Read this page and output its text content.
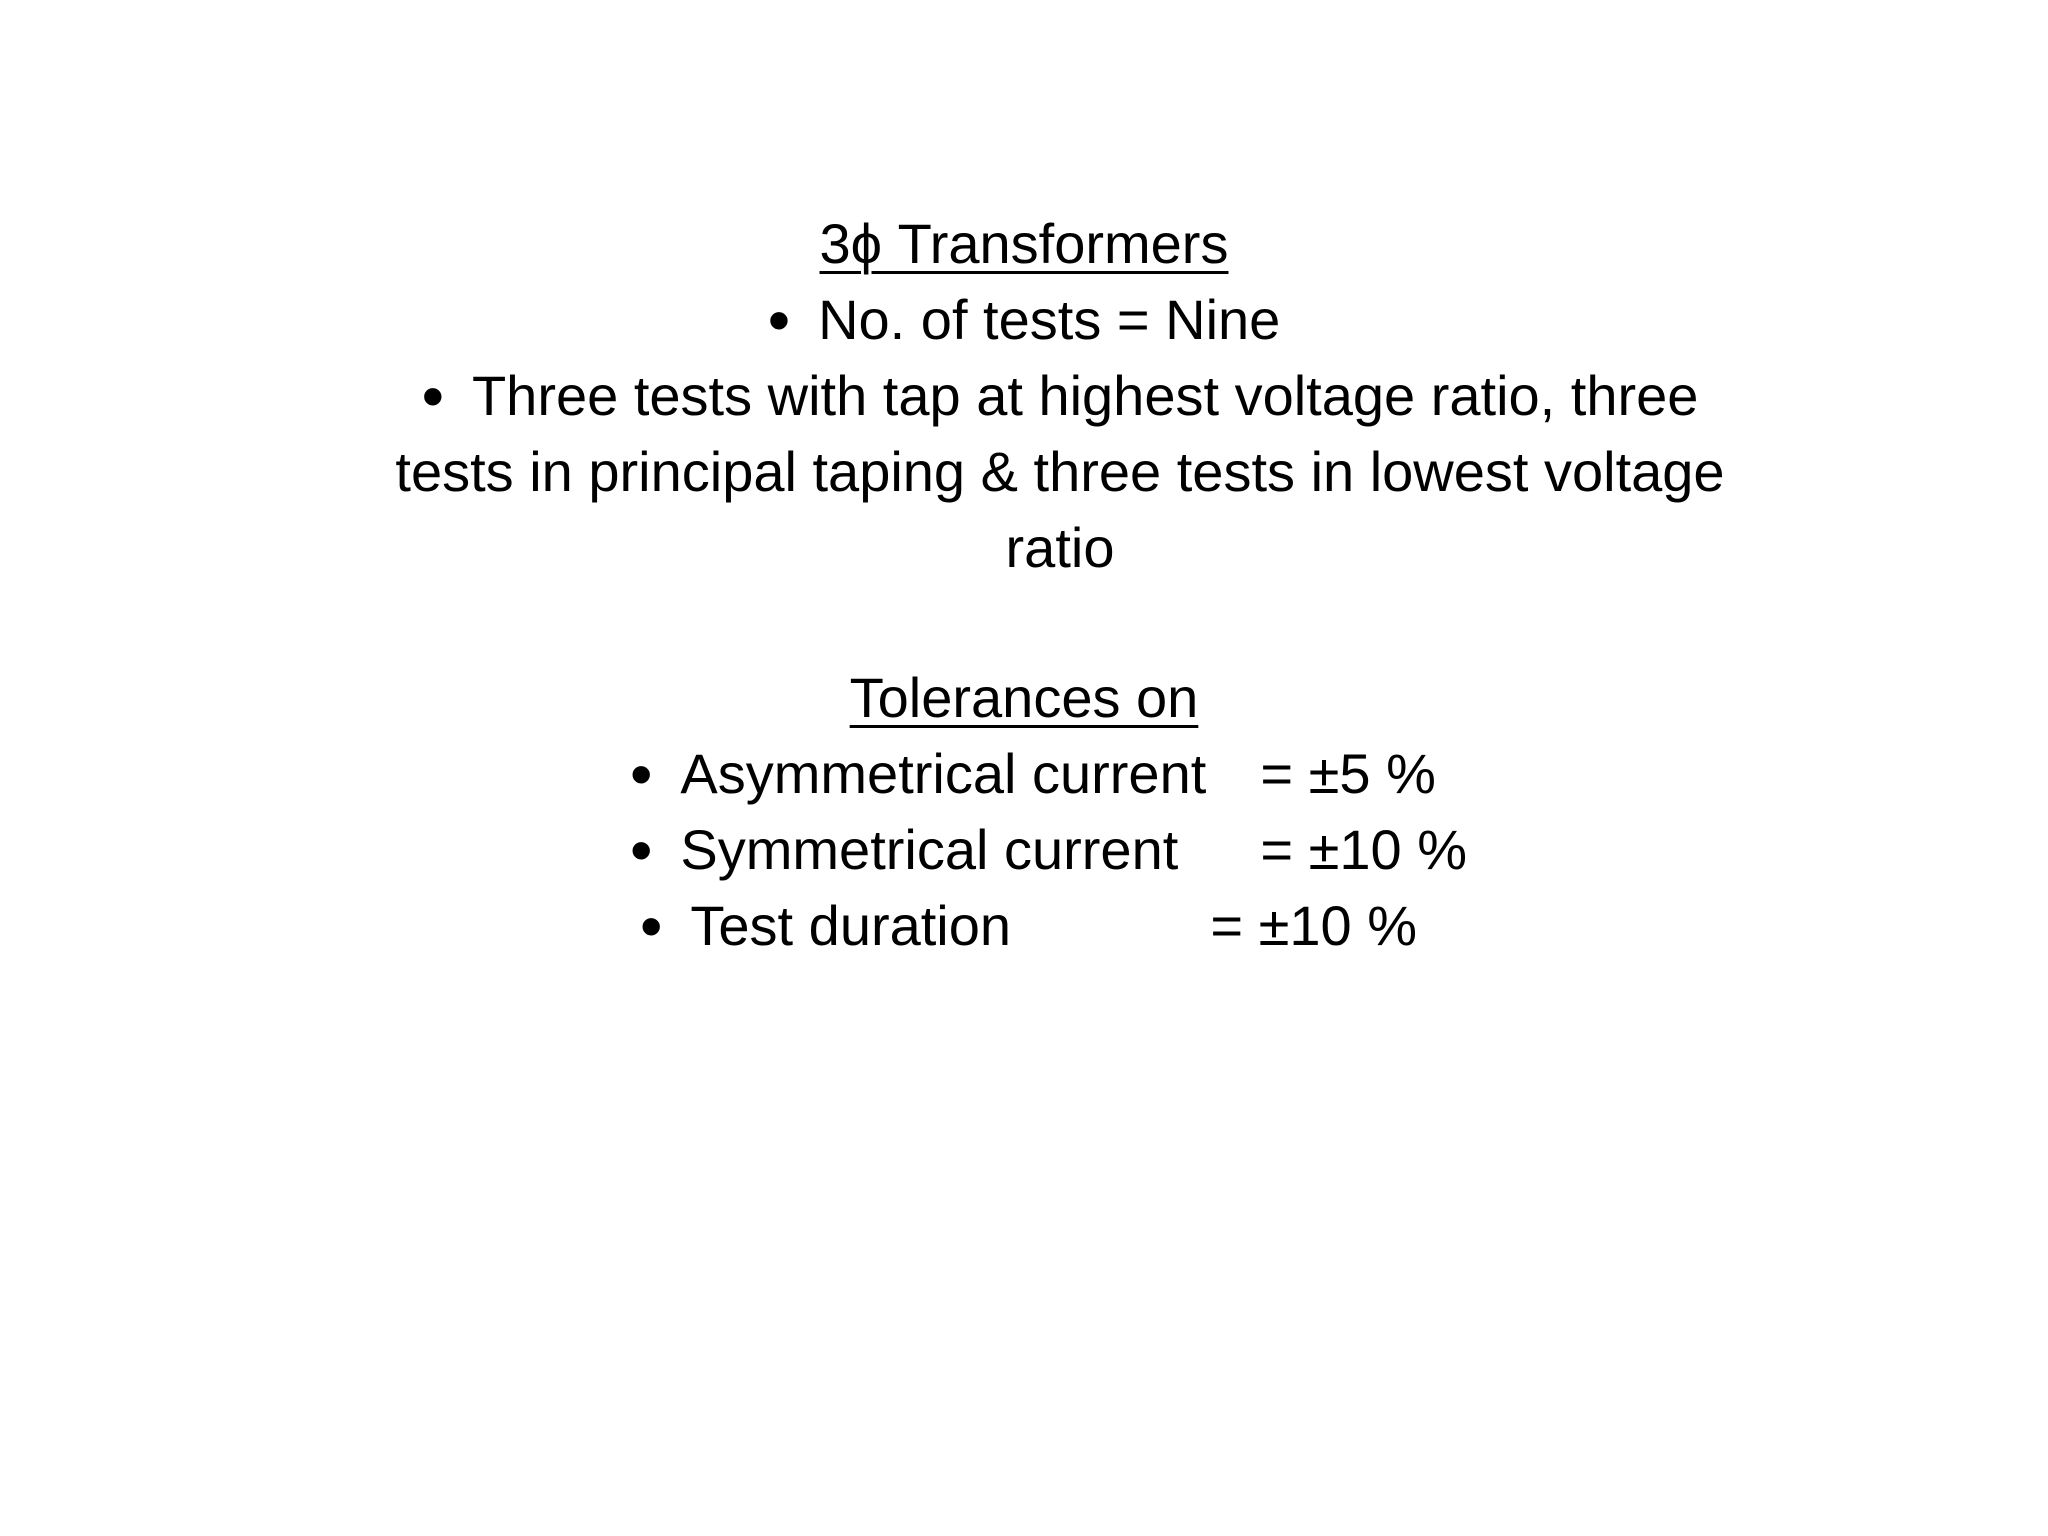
3ϕ Transformers
• No. of tests = Nine
• Three tests with tap at highest voltage ratio, three tests in principal taping & three tests in lowest voltage ratio
Tolerances on
• Asymmetrical current = ±5 %
• Symmetrical current= ±10 %
• Test duration	= ±10 %
